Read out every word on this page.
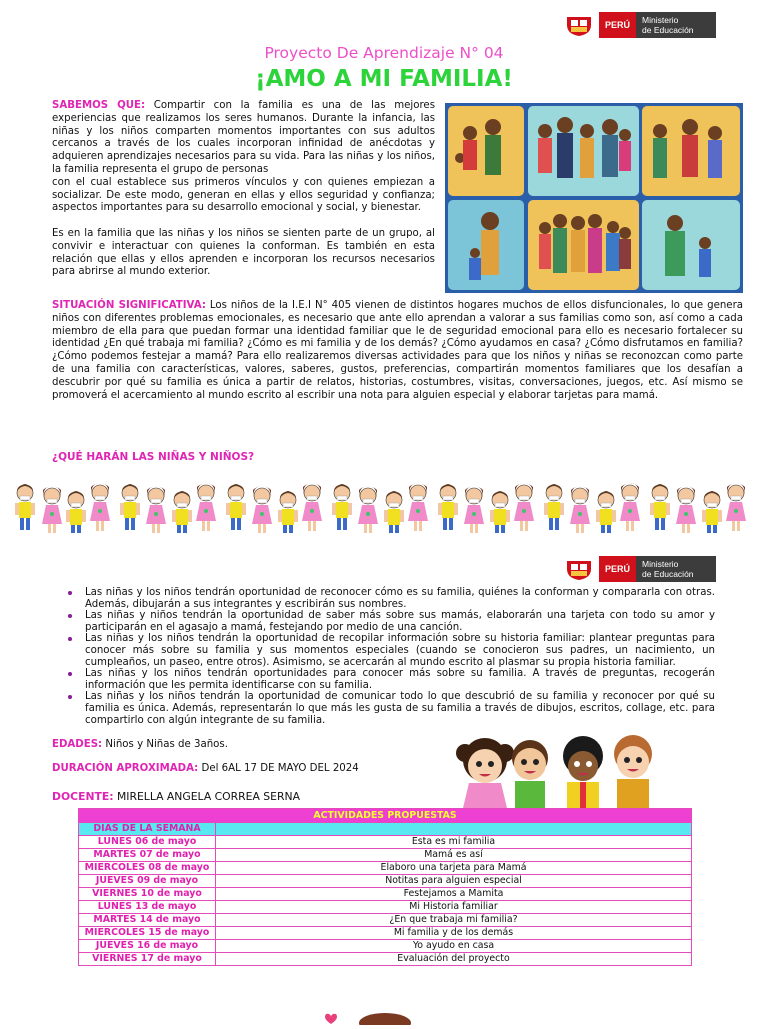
PERÚ	Ministerio
de Educación
Proyecto De Aprendizaje N° 04
¡AMO A MI FAMILIA!
SABEMOS QUE: Compartir con la familia es una de las mejores experiencias que realizamos los seres humanos. Durante la infancia, las niñas y los niños comparten momentos importantes con sus adultos cercanos a través de los cuales incorporan infinidad de anécdotas y adquieren aprendizajes necesarios para su vida. Para las niñas y los niños, la familia representa el grupo de personas
con el cual establece sus primeros vínculos y con quienes empiezan a socializar. De este modo, generan en ellas y ellos seguridad y confianza; aspectos importantes para su desarrollo emocional y social, y bienestar.

Es en la familia que las niñas y los niños se sienten parte de un grupo, al convivir e interactuar con quienes la conforman. Es también en esta relación que ellas y ellos aprenden e incorporan los recursos necesarios para abrirse al mundo exterior.
SITUACIÓN SIGNIFICATIVA: Los niños de la I.E.I N° 405 vienen de distintos hogares muchos de ellos disfuncionales, lo que genera niños con diferentes problemas emocionales, es necesario que ante ello aprendan a valorar a sus familias como son, así como a cada miembro de ella para que puedan formar una identidad familiar que le de seguridad emocional para ello es necesario fortalecer su identidad ¿En qué trabaja mi familia? ¿Cómo es mi familia y de los demás? ¿Cómo ayudamos en casa? ¿Cómo disfrutamos en familia? ¿Cómo podemos festejar a mamá? Para ello realizaremos diversas actividades para que los niños y niñas se reconozcan como parte de una familia con características, valores, saberes, gustos, preferencias, compartirán momentos familiares que los desafían a descubrir por qué su familia es única a partir de relatos, historias, costumbres, visitas, conversaciones, juegos, etc. Así mismo se promoverá el acercamiento al mundo escrito al escribir una nota para alguien especial y elaborar tarjetas para mamá.
¿QUÉ HARÁN LAS NIÑAS Y NIÑOS?
PERÚ	Ministerio
de Educación
Las niñas y los niños tendrán oportunidad de reconocer cómo es su familia, quiénes la conforman y compararla con otras. Además, dibujarán a sus integrantes y escribirán sus nombres.
Las niñas y niños tendrán la oportunidad de saber más sobre sus mamás, elaborarán una tarjeta con todo su amor y participarán en el agasajo a mamá, festejando por medio de una canción.
Las niñas y los niños tendrán la oportunidad de recopilar información sobre su historia familiar: plantear preguntas para conocer más sobre su familia y sus momentos especiales (cuando se conocieron sus padres, un nacimiento, un cumpleaños, un paseo, entre otros). Asimismo, se acercarán al mundo escrito al plasmar su propia historia familiar.
Las niñas y los niños tendrán oportunidades para conocer más sobre su familia. A través de preguntas, recogerán información que les permita identificarse con su familia.
Las niñas y los niños tendrán la oportunidad de comunicar todo lo que descubrió de su familia y reconocer por qué su familia es única. Además, representarán lo que más les gusta de su familia a través de dibujos, escritos, collage, etc. para compartirlo con algún integrante de su familia.
EDADES: Niños y Niñas de 3años.
DURACIÓN APROXIMADA: Del 6AL 17 DE MAYO DEL 2024
DOCENTE: MIRELLA ANGELA CORREA SERNA
ACTIVIDADES PROPUESTAS	
DIAS DE LA SEMANA	
LUNES 06 de mayo	Esta es mi familia
MARTES 07 de mayo	Mamá es así
MIERCOLES 08 de mayo	Elaboro una tarjeta para Mamá
JUEVES 09 de mayo	Notitas para alguien especial
VIERNES 10 de mayo	Festejamos a Mamita
LUNES 13 de mayo	Mi Historia familiar
MARTES 14 de mayo	¿En que trabaja mi familia?
MIERCOLES 15 de mayo	Mi familia y de los demás
JUEVES 16 de mayo	Yo ayudo en casa
VIERNES 17 de mayo	Evaluación del proyecto
